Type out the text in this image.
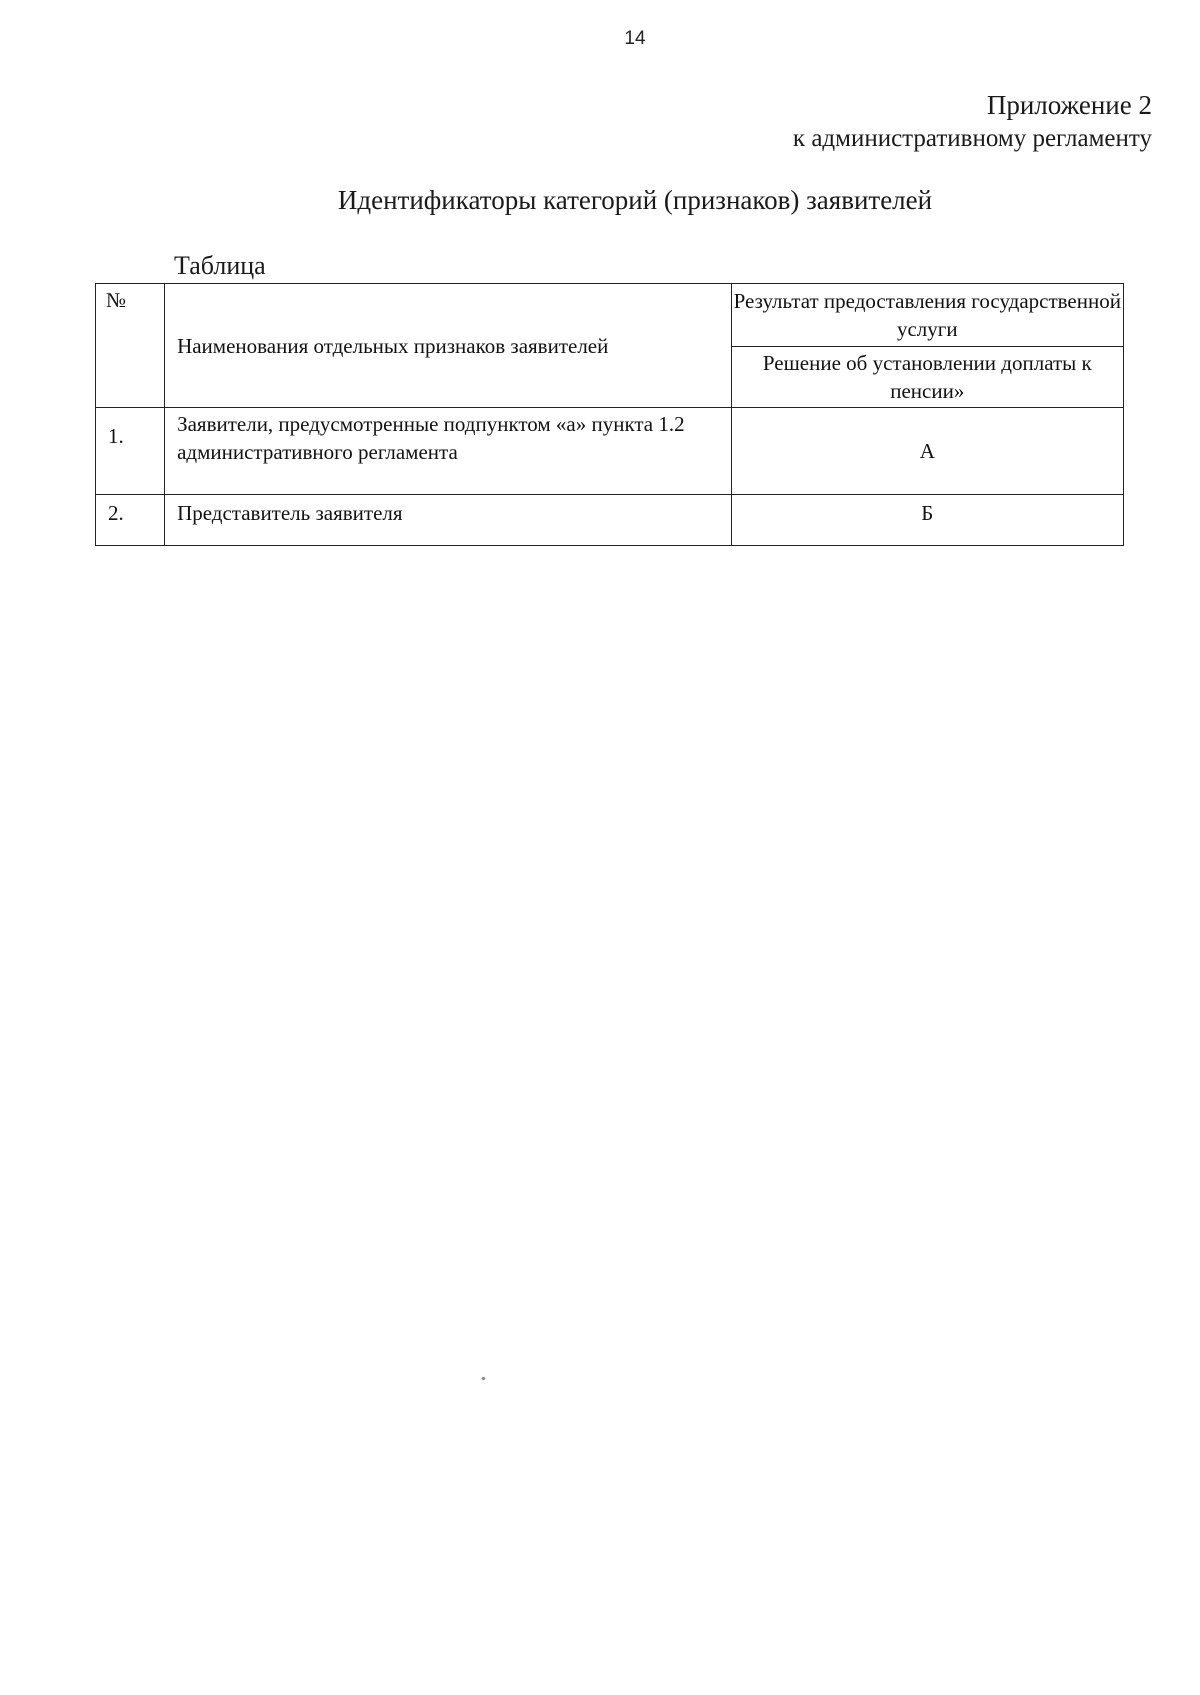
14
Приложение 2
к административному регламенту
Идентификаторы категорий (признаков) заявителей
Таблица
№	Наименования отдельных признаков заявителей	Результат предоставления государственной услуги
		Решение об установлении доплаты к пенсии»
1.	Заявители, предусмотренные подпунктом «а» пункта 1.2 административного регламента	А
2.	Представитель заявителя	Б
